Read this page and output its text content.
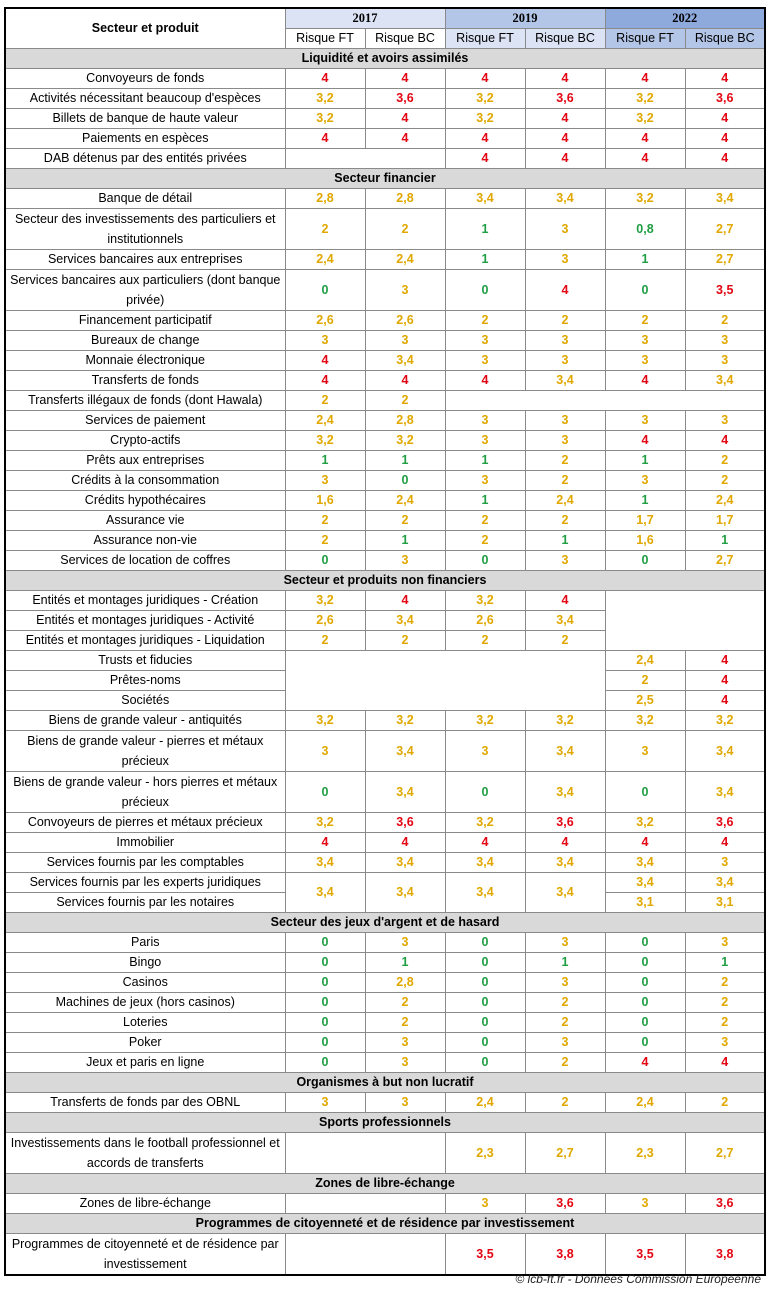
Secteur et produit	2017		2019		2022	
	Risque FT	Risque BC	Risque FT	Risque BC	Risque FT	Risque BC
Liquidité et avoirs assimilés						
Convoyeurs de fonds	4	4	4	4	4	4
Activités nécessitant beaucoup d'espèces	3,2	3,6	3,2	3,6	3,2	3,6
Billets de banque de haute valeur	3,2	4	3,2	4	3,2	4
Paiements en espèces	4	4	4	4	4	4
DAB détenus par des entités privées			4	4	4	4
Secteur financier						
Banque de détail	2,8	2,8	3,4	3,4	3,2	3,4
Secteur des investissements des particuliers et institutionnels	2	2	1	3	0,8	2,7
Services bancaires aux entreprises	2,4	2,4	1	3	1	2,7
Services bancaires aux particuliers (dont banque privée)	0	3	0	4	0	3,5
Financement participatif	2,6	2,6	2	2	2	2
Bureaux de change	3	3	3	3	3	3
Monnaie électronique	4	3,4	3	3	3	3
Transferts de fonds	4	4	4	3,4	4	3,4
Transferts illégaux de fonds (dont Hawala)	2	2				
Services de paiement	2,4	2,8	3	3	3	3
Crypto-actifs	3,2	3,2	3	3	4	4
Prêts aux entreprises	1	1	1	2	1	2
Crédits à la consommation	3	0	3	2	3	2
Crédits hypothécaires	1,6	2,4	1	2,4	1	2,4
Assurance vie	2	2	2	2	1,7	1,7
Assurance non-vie	2	1	2	1	1,6	1
Services de location de coffres	0	3	0	3	0	2,7
Secteur et produits non financiers						
Entités et montages juridiques - Création	3,2	4	3,2	4		
Entités et montages juridiques - Activité	2,6	3,4	2,6	3,4		
Entités et montages juridiques - Liquidation	2	2	2	2		
Trusts et fiducies					2,4	4
Prêtes-noms					2	4
Sociétés					2,5	4
Biens de grande valeur - antiquités	3,2	3,2	3,2	3,2	3,2	3,2
Biens de grande valeur - pierres et métaux précieux	3	3,4	3	3,4	3	3,4
Biens de grande valeur - hors pierres et métaux précieux	0	3,4	0	3,4	0	3,4
Convoyeurs de pierres et métaux précieux	3,2	3,6	3,2	3,6	3,2	3,6
Immobilier	4	4	4	4	4	4
Services fournis par les comptables	3,4	3,4	3,4	3,4	3,4	3
Services fournis par les experts juridiques	3,4	3,4	3,4	3,4	3,4	3,4
Services fournis par les notaires					3,1	3,1
Secteur des jeux d'argent et de hasard						
Paris	0	3	0	3	0	3
Bingo	0	1	0	1	0	1
Casinos	0	2,8	0	3	0	2
Machines de jeux (hors casinos)	0	2	0	2	0	2
Loteries	0	2	0	2	0	2
Poker	0	3	0	3	0	3
Jeux et paris en ligne	0	3	0	2	4	4
Organismes à but non lucratif						
Transferts de fonds par des OBNL	3	3	2,4	2	2,4	2
Sports professionnels						
Investissements dans le football professionnel et accords de transferts			2,3	2,7	2,3	2,7
Zones de libre-échange						
Zones de libre-échange			3	3,6	3	3,6
Programmes de citoyenneté et de résidence par investissement						
Programmes de citoyenneté et de résidence par investissement			3,5	3,8	3,5	3,8
© lcb-ft.fr - Données Commission Européenne
